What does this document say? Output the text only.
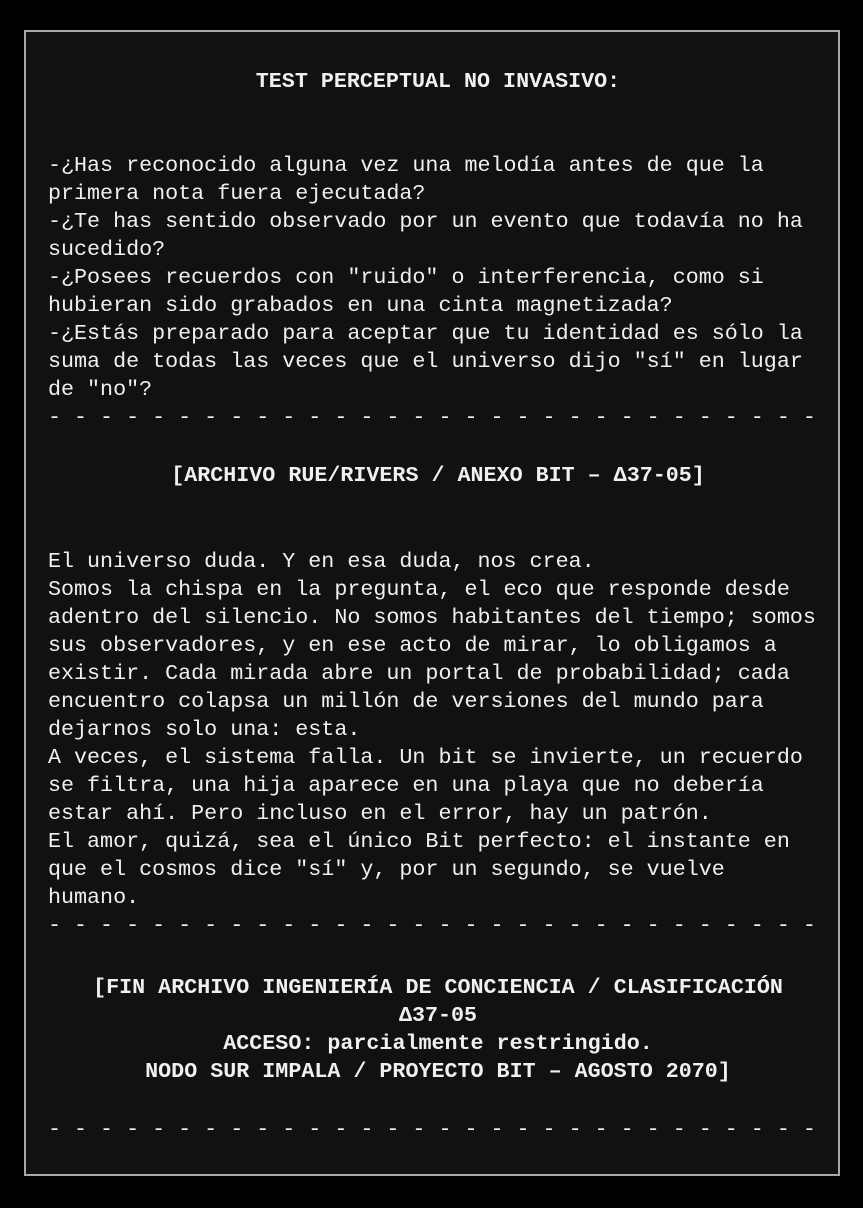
TEST PERCEPTUAL NO INVASIVO:
-¿Has reconocido alguna vez una melodía antes de que la
primera nota fuera ejecutada?
-¿Te has sentido observado por un evento que todavía no ha
sucedido?
-¿Posees recuerdos con "ruido" o interferencia, como si
hubieran sido grabados en una cinta magnetizada?
-¿Estás preparado para aceptar que tu identidad es sólo la
suma de todas las veces que el universo dijo "sí" en lugar
de "no"?
- - - - - - - - - - - - - - - - - - - - - - - - - - - - - -
[ARCHIVO RUE/RIVERS / ANEXO BIT – Δ37-05]
El universo duda. Y en esa duda, nos crea.
Somos la chispa en la pregunta, el eco que responde desde
adentro del silencio. No somos habitantes del tiempo; somos
sus observadores, y en ese acto de mirar, lo obligamos a
existir. Cada mirada abre un portal de probabilidad; cada
encuentro colapsa un millón de versiones del mundo para
dejarnos solo una: esta.
A veces, el sistema falla. Un bit se invierte, un recuerdo
se filtra, una hija aparece en una playa que no debería
estar ahí. Pero incluso en el error, hay un patrón.
El amor, quizá, sea el único Bit perfecto: el instante en
que el cosmos dice "sí" y, por un segundo, se vuelve
humano.
- - - - - - - - - - - - - - - - - - - - - - - - - - - - - -
[FIN ARCHIVO INGENIERÍA DE CONCIENCIA / CLASIFICACIÓN
Δ37-05
ACCESO: parcialmente restringido.
NODO SUR IMPALA / PROYECTO BIT – AGOSTO 2070]
- - - - - - - - - - - - - - - - - - - - - - - - - - - - - -
